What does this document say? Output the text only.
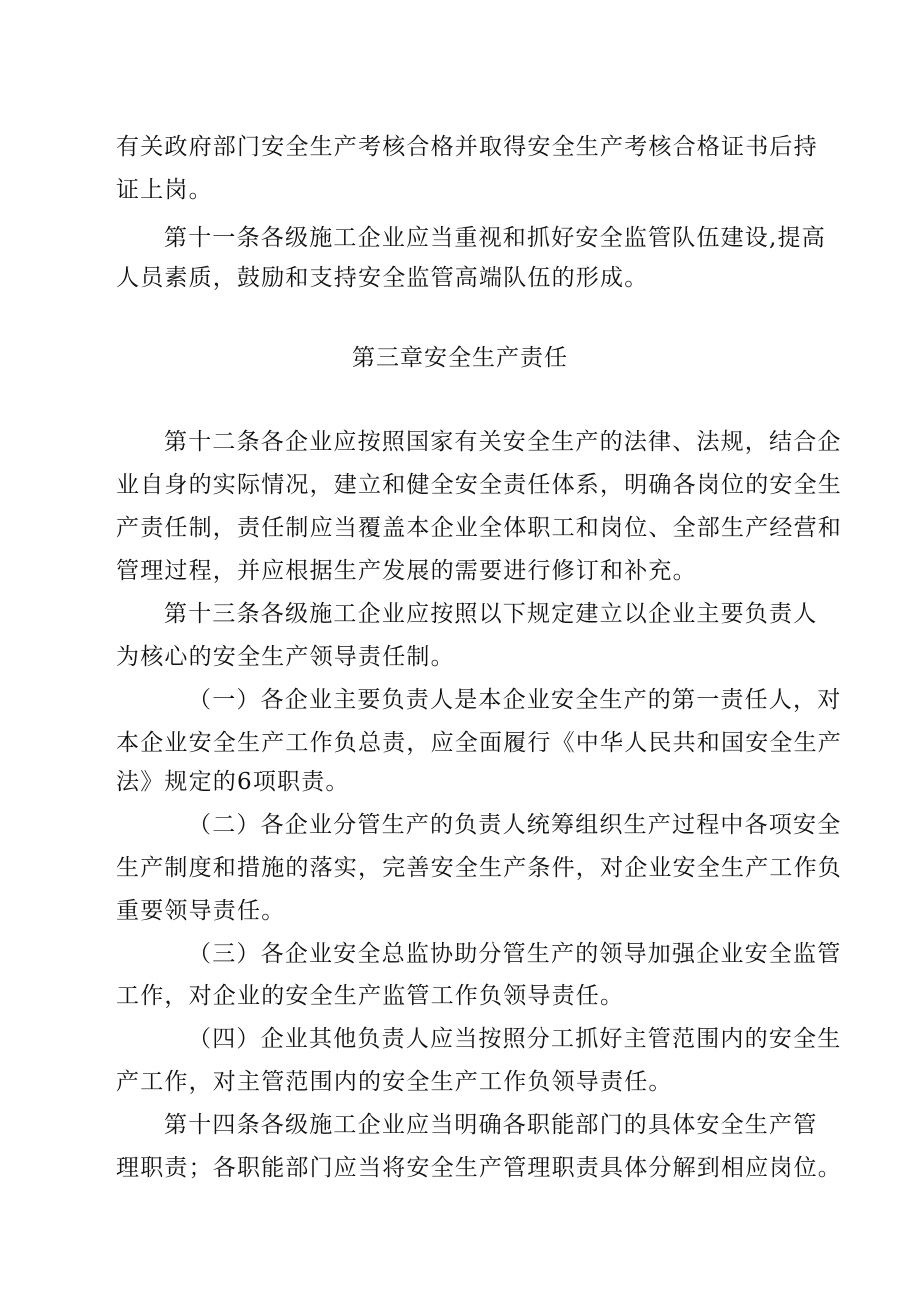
有关政府部门安全生产考核合格并取得安全生产考核合格证书后持
证上岗。
第十一条各级施工企业应当重视和抓好安全监管队伍建设,提高
人员素质，鼓励和支持安全监管高端队伍的形成。
第三章安全生产责任
第十二条各企业应按照国家有关安全生产的法律、法规，结合企
业自身的实际情况，建立和健全安全责任体系，明确各岗位的安全生
产责任制，责任制应当覆盖本企业全体职工和岗位、全部生产经营和
管理过程，并应根据生产发展的需要进行修订和补充。
第十三条各级施工企业应按照以下规定建立以企业主要负责人
为核心的安全生产领导责任制。
（一）各企业主要负责人是本企业安全生产的第一责任人，对
本企业安全生产工作负总责，应全面履行《中华人民共和国安全生产
法》规定的6项职责。
（二）各企业分管生产的负责人统筹组织生产过程中各项安全
生产制度和措施的落实，完善安全生产条件，对企业安全生产工作负
重要领导责任。
（三）各企业安全总监协助分管生产的领导加强企业安全监管
工作，对企业的安全生产监管工作负领导责任。
（四）企业其他负责人应当按照分工抓好主管范围内的安全生
产工作，对主管范围内的安全生产工作负领导责任。
第十四条各级施工企业应当明确各职能部门的具体安全生产管
理职责；各职能部门应当将安全生产管理职责具体分解到相应岗位。
